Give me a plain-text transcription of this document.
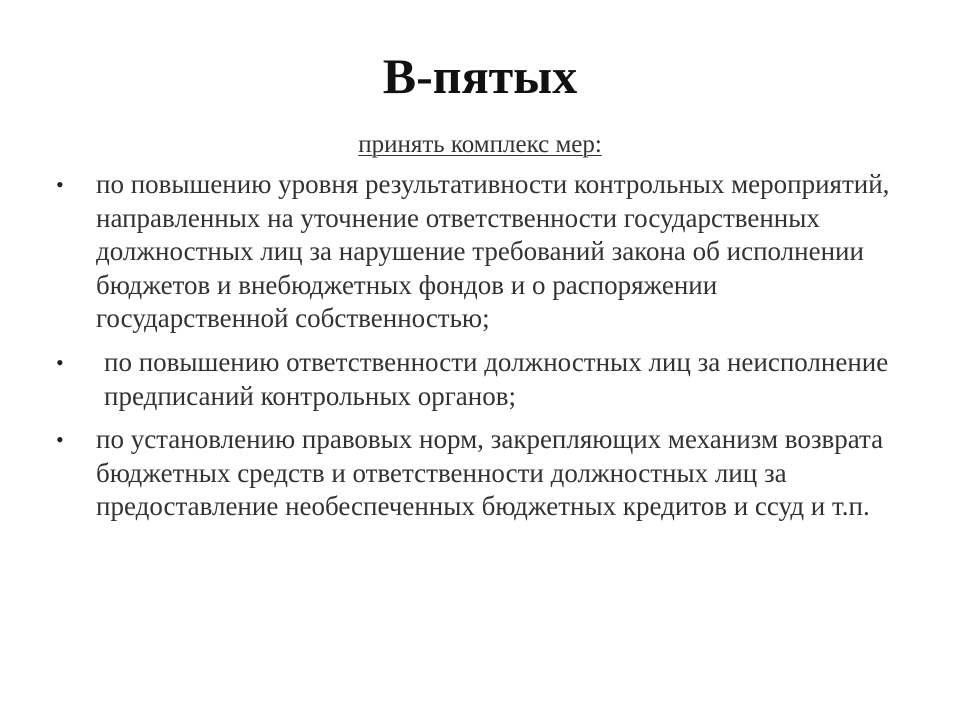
В-пятых
принять комплекс мер:
• по повышению уровня результативности контрольных мероприятий, направленных на уточнение ответственности государственных должностных лиц за нарушение требований закона об исполнении бюджетов и внебюджетных фондов и о распоряжении государственной собственностью;
• по повышению ответственности должностных лиц за неисполнение предписаний контрольных органов;
• по установлению правовых норм, закрепляющих механизм возврата бюджетных средств и ответственности должностных лиц за предоставление необеспеченных бюджетных кредитов и ссуд и т.п.
